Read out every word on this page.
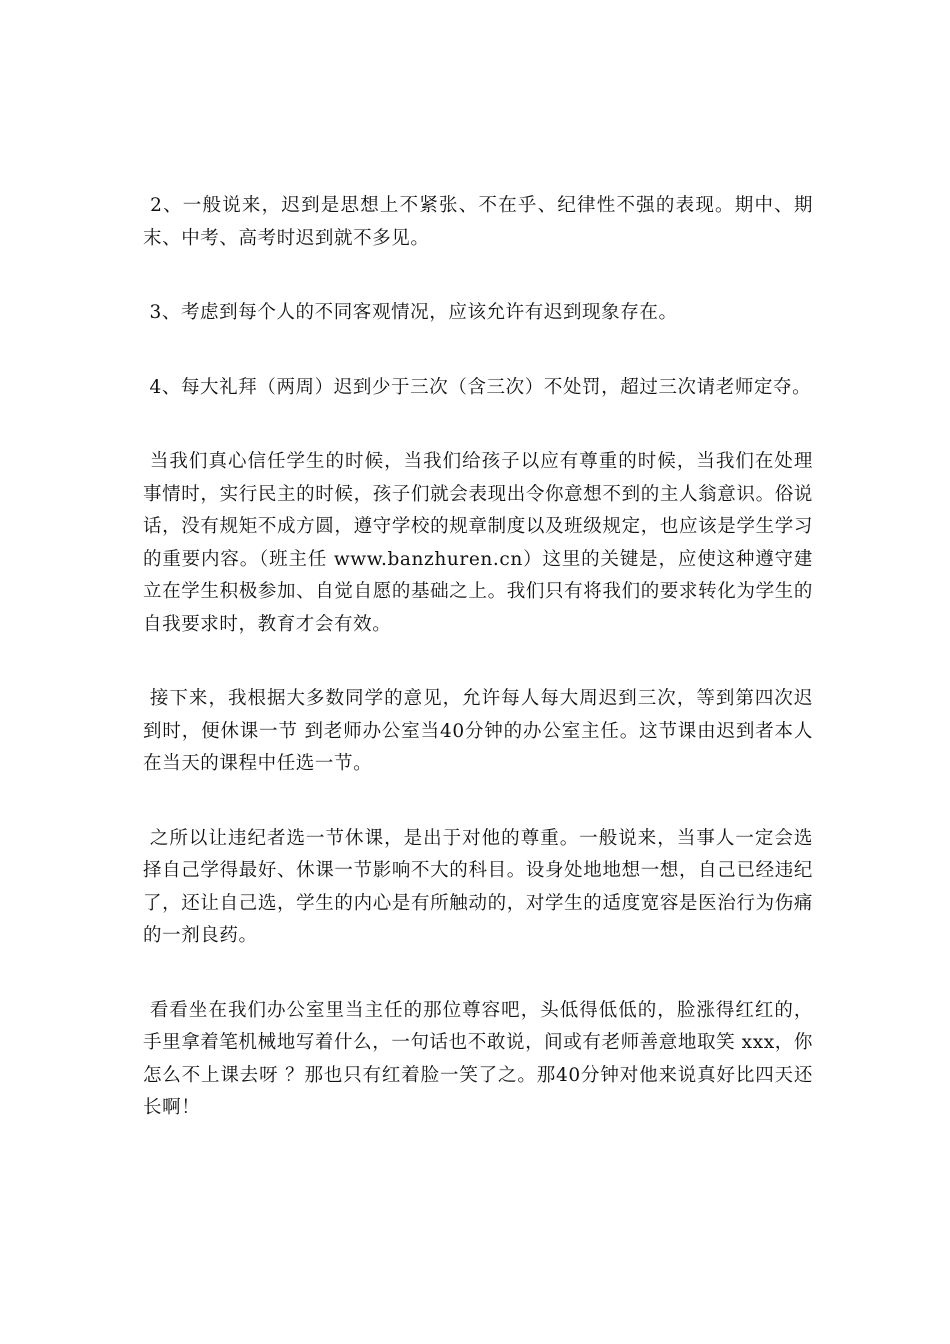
2、一般说来，迟到是思想上不紧张、不在乎、纪律性不强的表现。期中、期末、中考、高考时迟到就不多见。

3、考虑到每个人的不同客观情况，应该允许有迟到现象存在。

4、每大礼拜（两周）迟到少于三次（含三次）不处罚，超过三次请老师定夺。

当我们真心信任学生的时候，当我们给孩子以应有尊重的时候，当我们在处理事情时，实行民主的时候，孩子们就会表现出令你意想不到的主人翁意识。俗说话，没有规矩不成方圆，遵守学校的规章制度以及班级规定，也应该是学生学习的重要内容。（班主任 www.banzhuren.cn）这里的关键是，应使这种遵守建立在学生积极参加、自觉自愿的基础之上。我们只有将我们的要求转化为学生的自我要求时，教育才会有效。

接下来，我根据大多数同学的意见，允许每人每大周迟到三次，等到第四次迟到时，便休课一节 到老师办公室当40分钟的办公室主任。这节课由迟到者本人在当天的课程中任选一节。

之所以让违纪者选一节休课，是出于对他的尊重。一般说来，当事人一定会选择自己学得最好、休课一节影响不大的科目。设身处地地想一想，自己已经违纪了，还让自己选，学生的内心是有所触动的，对学生的适度宽容是医治行为伤痛的一剂良药。

看看坐在我们办公室里当主任的那位尊容吧，头低得低低的，脸涨得红红的，手里拿着笔机械地写着什么，一句话也不敢说，间或有老师善意地取笑 xxx，你怎么不上课去呀 ？那也只有红着脸一笑了之。那40分钟对他来说真好比四天还长啊！
